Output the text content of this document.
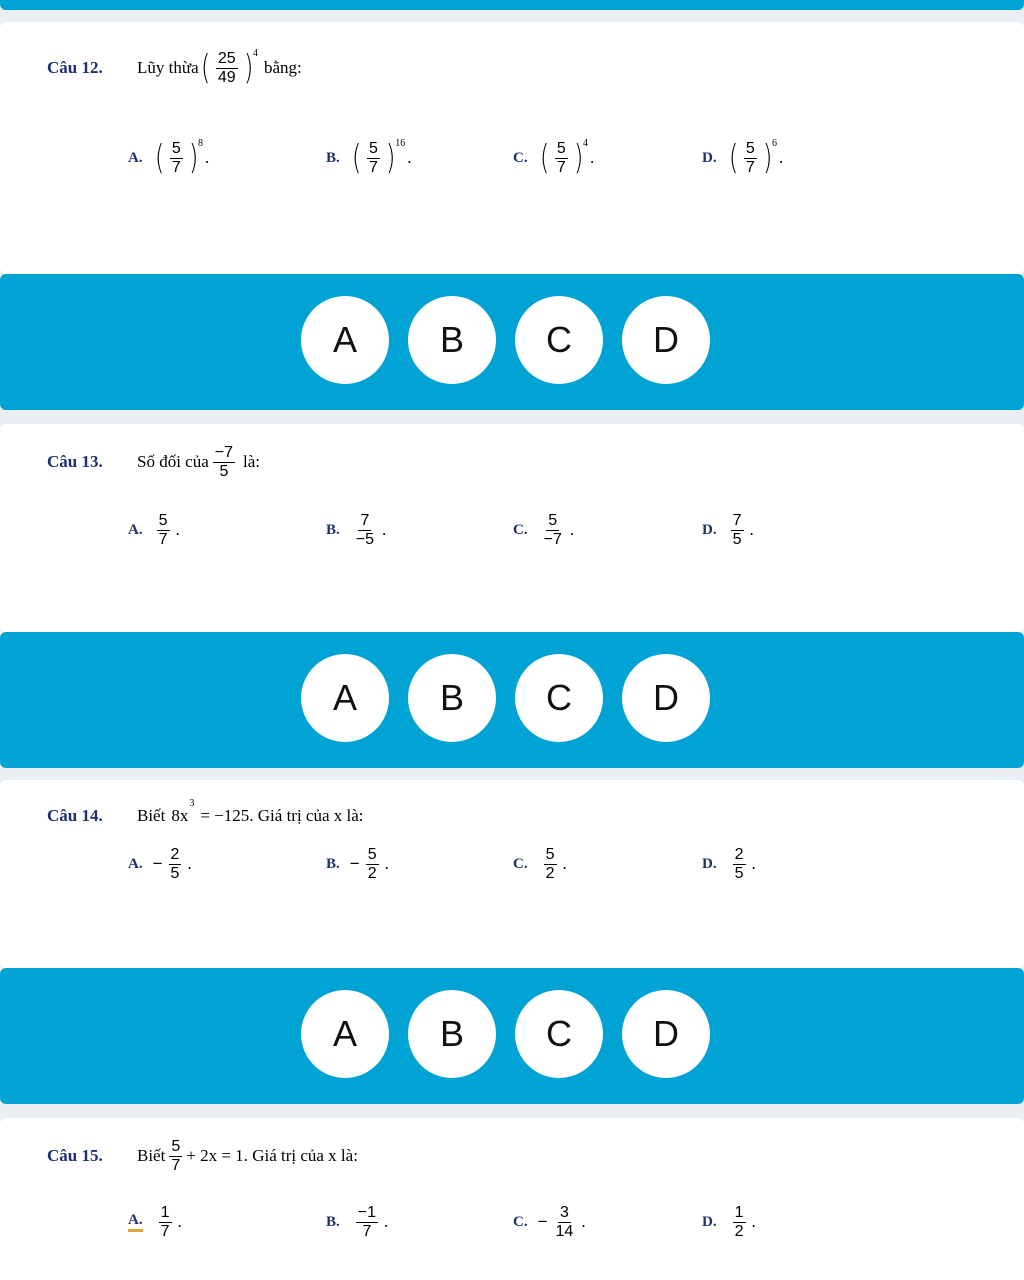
Câu 12.	Lũy thừa ( $\frac{25}{49}$ ) 4
bằng:
A. ( $\frac{5}{7}$ ) 8
.	B. ( $\frac{5}{7}$ ) 16
.	C. ( $\frac{5}{7}$ ) 4
.	D. ( $\frac{5}{7}$ ) 6
.
A	B	C	D
Câu 13.	Số đối của $\frac{-7}{5}$ là:
A. $\frac{5}{7}$ .	B. $\frac{7}{-5}$ .	C. $\frac{5}{-7}$ .	D. $\frac{7}{5}$ .
A	B	C	D
Câu 14.	Biết 8x
3
= −125 . Giá trị của x là:
A. − $\frac{2}{5}$ .	B. − $\frac{5}{2}$ .	C. $\frac{5}{2}$ .	D. $\frac{2}{5}$ .
A	B	C	D
Câu 15.	Biết $\frac{5}{7} + 2x = 1$ . Giá trị của x là:
A. $\frac{1}{7}$ .	B. $\frac{-1}{7}$ .	C. − $\frac{3}{14}$ .	D. $\frac{1}{2}$ .
